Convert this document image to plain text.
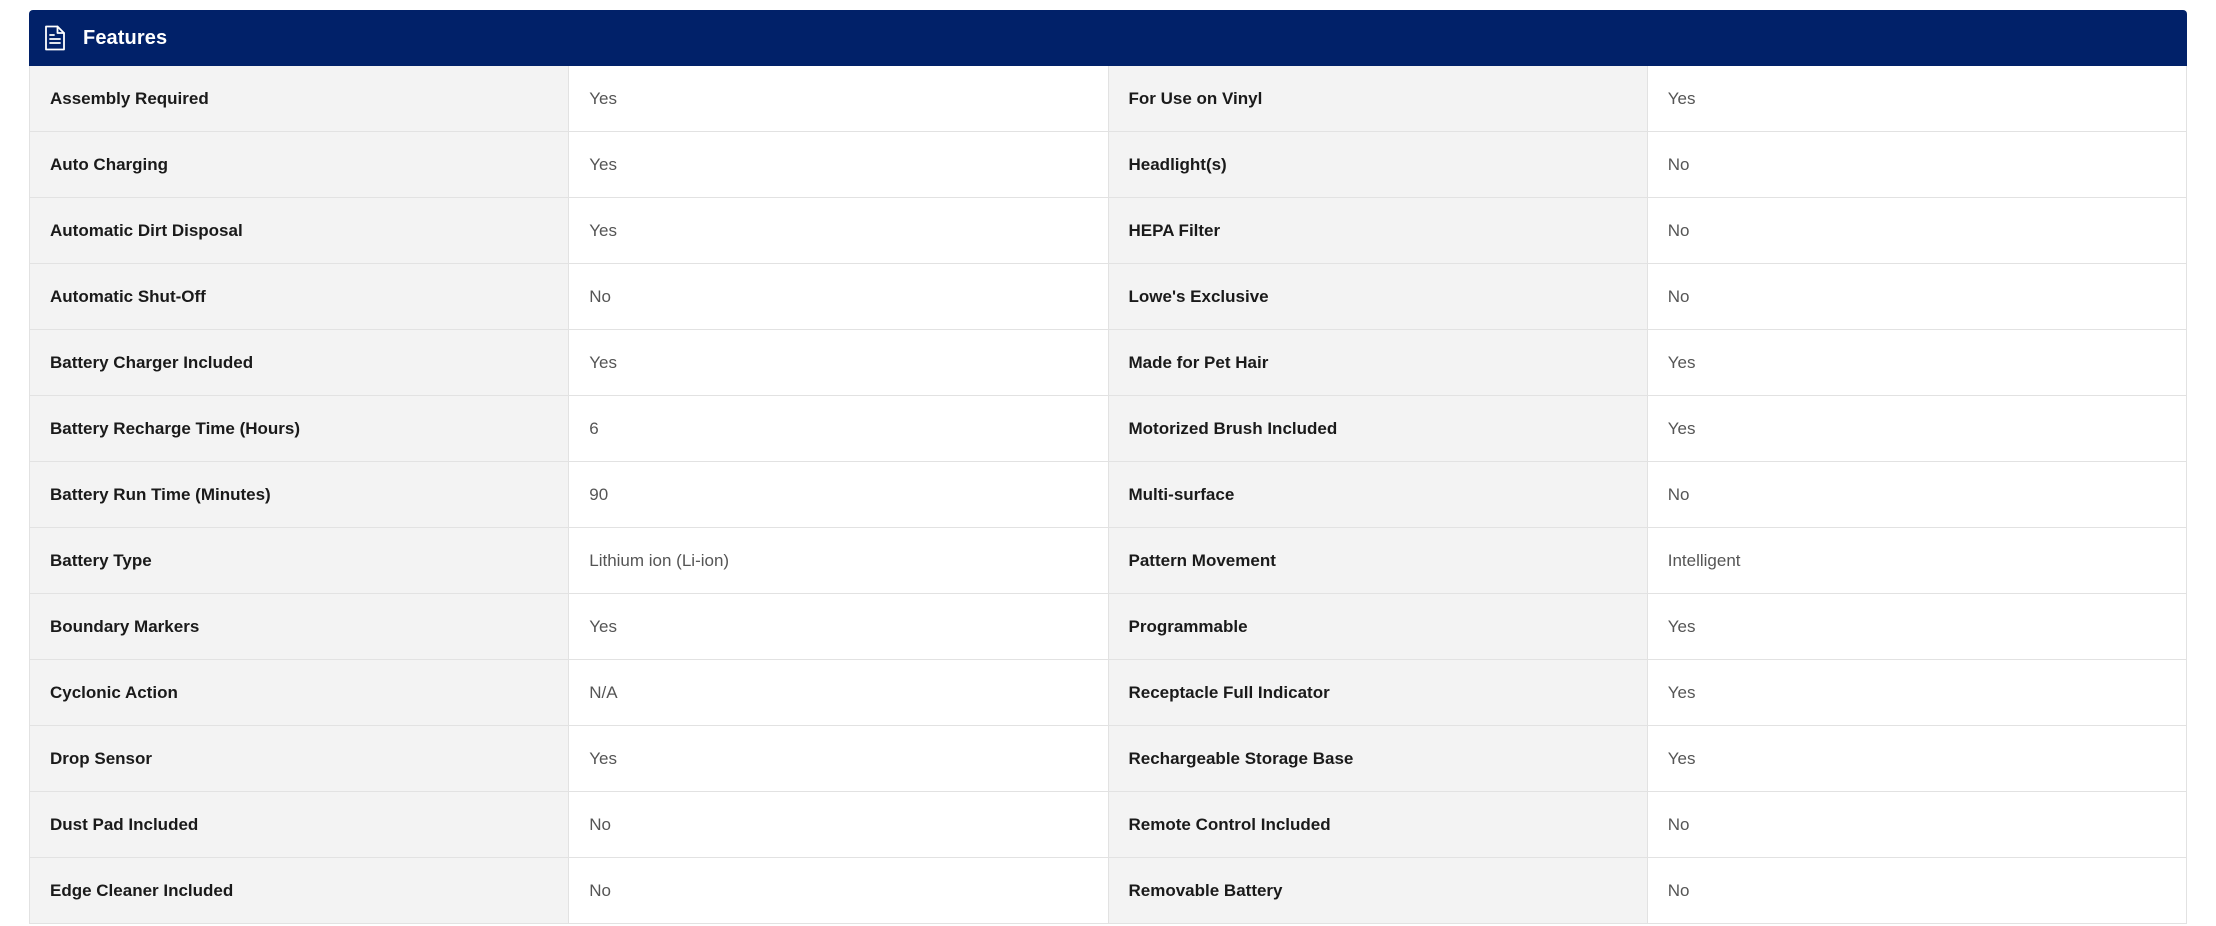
Features
Assembly Required	Yes	For Use on Vinyl	Yes
Auto Charging	Yes	Headlight(s)	No
Automatic Dirt Disposal	Yes	HEPA Filter	No
Automatic Shut-Off	No	Lowe's Exclusive	No
Battery Charger Included	Yes	Made for Pet Hair	Yes
Battery Recharge Time (Hours)	6	Motorized Brush Included	Yes
Battery Run Time (Minutes)	90	Multi-surface	No
Battery Type	Lithium ion (Li-ion)	Pattern Movement	Intelligent
Boundary Markers	Yes	Programmable	Yes
Cyclonic Action	N/A	Receptacle Full Indicator	Yes
Drop Sensor	Yes	Rechargeable Storage Base	Yes
Dust Pad Included	No	Remote Control Included	No
Edge Cleaner Included	No	Removable Battery	No
